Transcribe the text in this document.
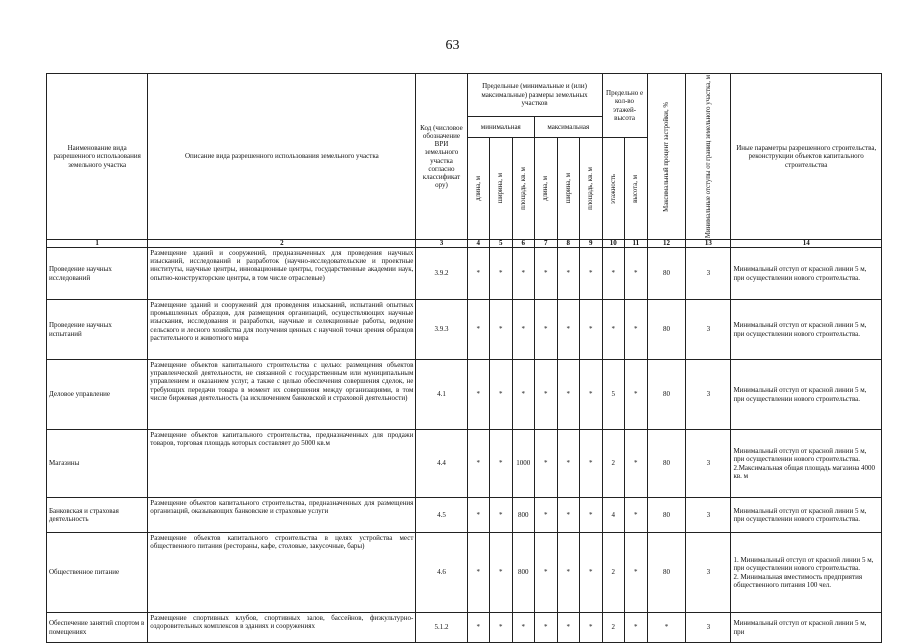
63
Наименование вида разрешенного использования земельного участка	Описание вида разрешенного использования земельного участка	Код (числовое обозначение ВРИ земельного участка согласно классификат ору)	Предельные (минимальные и (или) максимальные) размеры земельных участков						Предельно е кол-во этажей-высота		Максимальный процент застройки, %	Минимальные отступы от границ земельного участка, м	Иные параметры разрешенного строительства, реконструкции объектов капитального строительства
			минимальная			максимальная							

			длина, м	ширина, м	площадь, кв. м	длина, м	ширина, м	площадь, кв. м	этажность	высота, м			

1	2	3	4	5	6	7	8	9	10	11	12	13	14
Проведение научных исследований	Размещение зданий и сооружений, предназначенных для проведения научных изысканий, исследований и разработок (научно-исследовательские и проектные институты, научные центры, инновационные центры, государственные академии наук, опытно-конструкторские центры, в том числе отраслевые)	3.9.2	*	*	*	*	*	*	*	*	80	3	Минимальный отступ от красной линии 5 м, при осуществлении нового строительства.

Проведение научных испытаний	Размещение зданий и сооружений для проведения изысканий, испытаний опытных промышленных образцов, для размещения организаций, осуществляющих научные изыскания, исследования и разработки, научные и селекционные работы, ведение сельского и лесного хозяйства для получения ценных с научной точки зрения образцов растительного и животного мира	3.9.3	*	*	*	*	*	*	*	*	80	3	Минимальный отступ от красной линии 5 м, при осуществлении нового строительства.

Деловое управление	Размещение объектов капитального строительства с целью: размещения объектов управленческой деятельности, не связанной с государственным или муниципальным управлением и оказанием услуг, а также с целью обеспечения совершения сделок, не требующих передачи товара в момент их совершения между организациями, в том числе биржевая деятельность (за исключением банковской и страховой деятельности)	4.1	*	*	*	*	*	*	5	*	80	3	Минимальный отступ от красной линии 5 м, при осуществлении нового строительства.

Магазины	Размещение объектов капитального строительства, предназначенных для продажи товаров, торговая площадь которых составляет до 5000 кв.м	4.4	*	*	1000	*	*	*	2	*	80	3	Минимальный отступ от красной линии 5 м, при осуществлении нового строительства.

2.Максимальная общая площадь магазина 4000 кв. м

Банковская и страховая деятельность	Размещение объектов капитального строительства, предназначенных для размещения организаций, оказывающих банковские и страховые услуги	4.5	*	*	800	*	*	*	4	*	80	3	Минимальный отступ от красной линии 5 м, при осуществлении нового строительства.

Общественное питание	Размещение объектов капитального строительства в целях устройства мест общественного питания (рестораны, кафе, столовые, закусочные, бары)	4.6	*	*	800	*	*	*	2	*	80	3	1. Минимальный отступ от красной линии 5 м, при осуществлении нового строительства.

2. Минимальная вместимость предприятия общественного питания 100 чел.

Обеспечение занятий спортом в помещениях	Размещение спортивных клубов, спортивных залов, бассейнов, физкультурно-оздоровительных комплексов в зданиях и сооружениях	5.1.2	*	*	*	*	*	*	2	*	*	3	Минимальный отступ от красной линии 5 м, при
